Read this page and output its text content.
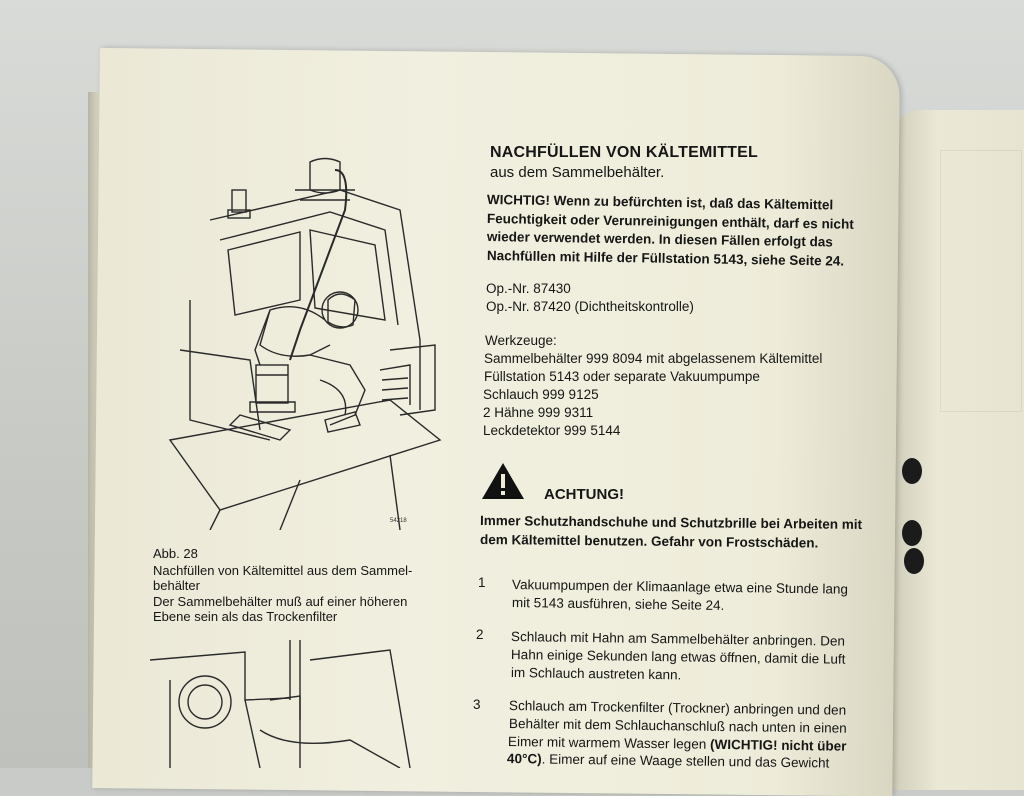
54218
Abb. 28
Nachfüllen von Kältemittel aus dem Sammel-
behälter
Der Sammelbehälter muß auf einer höheren
Ebene sein als das Trockenfilter
NACHFÜLLEN VON KÄLTEMITTEL
aus dem Sammelbehälter.
WICHTIG! Wenn zu befürchten ist, daß das Kältemittel
Feuchtigkeit oder Verunreinigungen enthält, darf es nicht
wieder verwendet werden. In diesen Fällen erfolgt das
Nachfüllen mit Hilfe der Füllstation 5143, siehe Seite 24.
Op.-Nr. 87430
Op.-Nr. 87420 (Dichtheitskontrolle)
Werkzeuge:
Sammelbehälter 999 8094 mit abgelassenem Kältemittel
Füllstation 5143 oder separate Vakuumpumpe
Schlauch 999 9125
2 Hähne 999 9311
Leckdetektor 999 5144
ACHTUNG!
Immer Schutzhandschuhe und Schutzbrille bei Arbeiten mit
dem Kältemittel benutzen. Gefahr von Frostschäden.
1 Vakuumpumpen der Klimaanlage etwa eine Stunde lang
mit 5143 ausführen, siehe Seite 24.
2 Schlauch mit Hahn am Sammelbehälter anbringen. Den
Hahn einige Sekunden lang etwas öffnen, damit die Luft
im Schlauch austreten kann.
3 Schlauch am Trockenfilter (Trockner) anbringen und den
Behälter mit dem Schlauchanschluß nach unten in einen
Eimer mit warmem Wasser legen (WICHTIG! nicht über
40°C). Eimer auf eine Waage stellen und das Gewicht
